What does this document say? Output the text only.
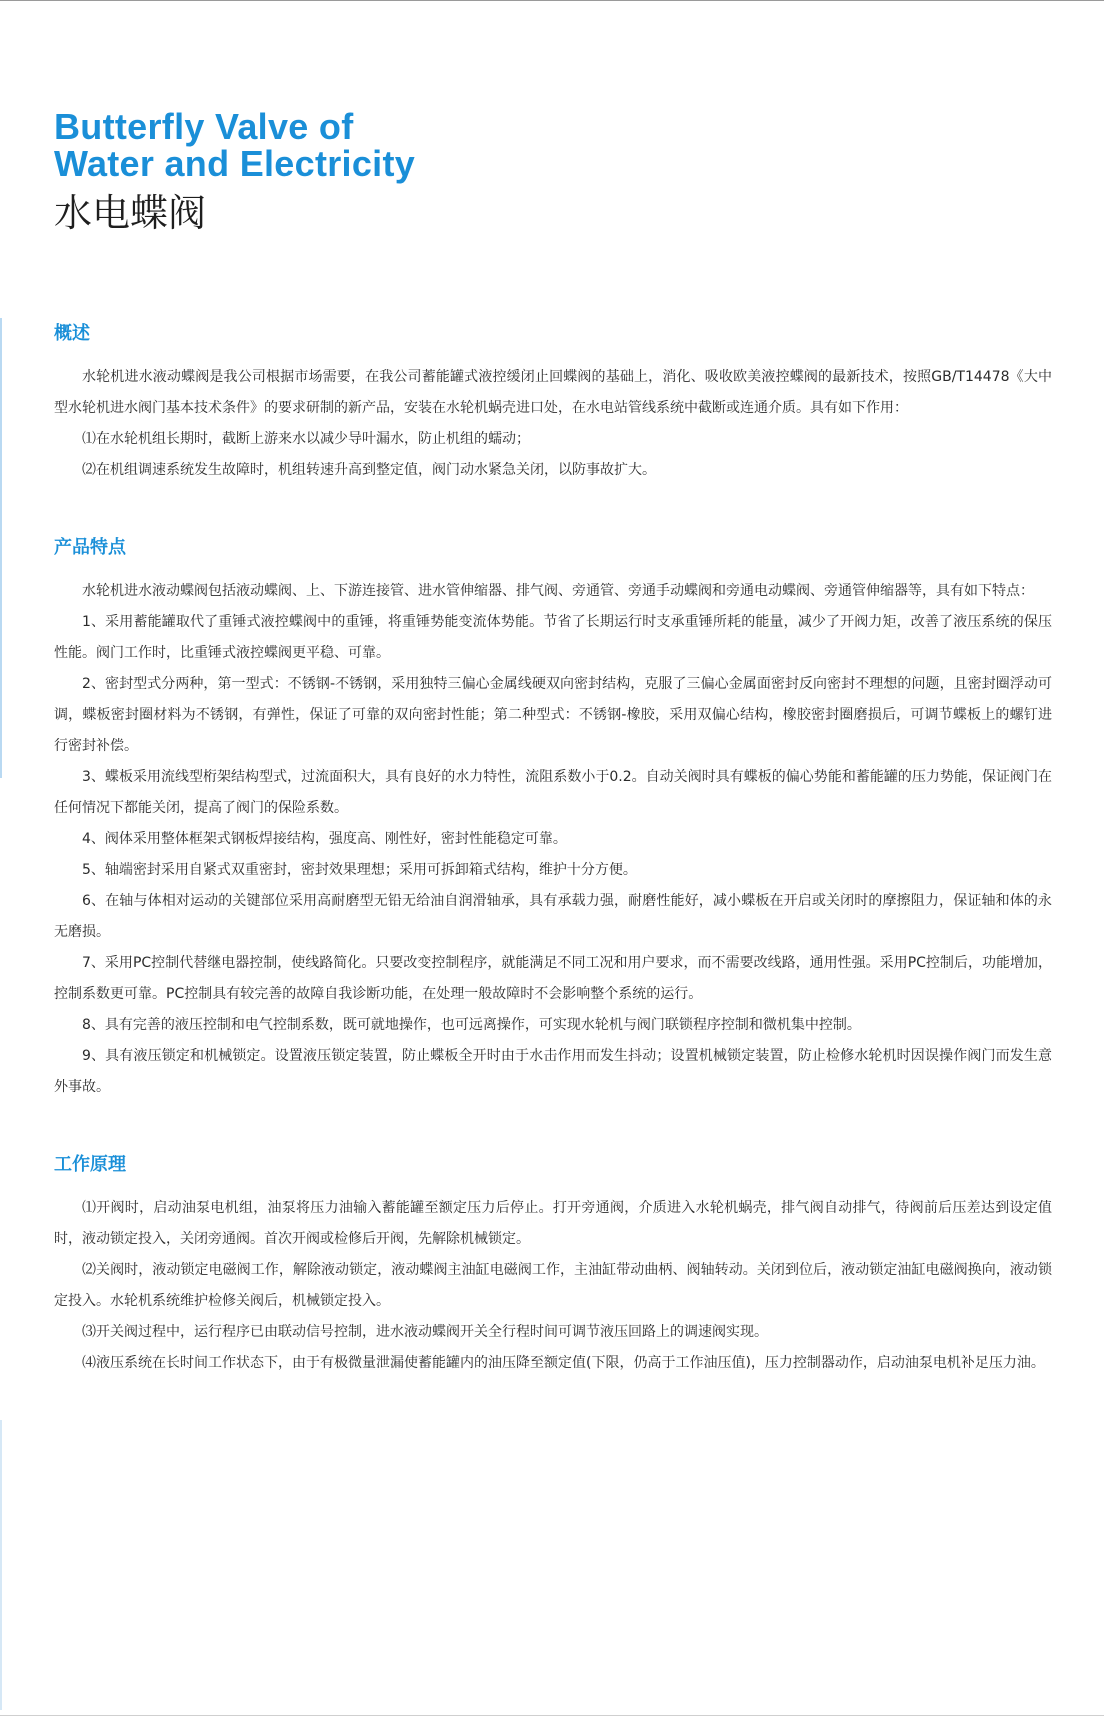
Butterfly Valve of
Water and Electricity
水电蝶阀
概述

水轮机进水液动蝶阀是我公司根据市场需要，在我公司蓄能罐式液控缓闭止回蝶阀的基础上，消化、吸收欧美液控蝶阀的最新技术，按照GB/T14478《大中型水轮机进水阀门基本技术条件》的要求研制的新产品，安装在水轮机蜗壳进口处，在水电站管线系统中截断或连通介质。具有如下作用：

⑴在水轮机组长期时，截断上游来水以减少导叶漏水，防止机组的蠕动；

⑵在机组调速系统发生故障时，机组转速升高到整定值，阀门动水紧急关闭，以防事故扩大。

产品特点

水轮机进水液动蝶阀包括液动蝶阀、上、下游连接管、进水管伸缩器、排气阀、旁通管、旁通手动蝶阀和旁通电动蝶阀、旁通管伸缩器等，具有如下特点：

1、采用蓄能罐取代了重锤式液控蝶阀中的重锤，将重锤势能变流体势能。节省了长期运行时支承重锤所耗的能量，减少了开阀力矩，改善了液压系统的保压性能。阀门工作时，比重锤式液控蝶阀更平稳、可靠。

2、密封型式分两种，第一型式：不锈钢-不锈钢，采用独特三偏心金属线硬双向密封结构，克服了三偏心金属面密封反向密封不理想的问题，且密封圈浮动可调，蝶板密封圈材料为不锈钢，有弹性，保证了可靠的双向密封性能；第二种型式：不锈钢-橡胶，采用双偏心结构，橡胶密封圈磨损后，可调节蝶板上的螺钉进行密封补偿。

3、蝶板采用流线型桁架结构型式，过流面积大，具有良好的水力特性，流阻系数小于0.2。自动关阀时具有蝶板的偏心势能和蓄能罐的压力势能，保证阀门在任何情况下都能关闭，提高了阀门的保险系数。

4、阀体采用整体框架式钢板焊接结构，强度高、刚性好，密封性能稳定可靠。

5、轴端密封采用自紧式双重密封，密封效果理想；采用可拆卸箱式结构，维护十分方便。

6、在轴与体相对运动的关键部位采用高耐磨型无铅无给油自润滑轴承，具有承载力强，耐磨性能好，减小蝶板在开启或关闭时的摩擦阻力，保证轴和体的永无磨损。

7、采用PC控制代替继电器控制，使线路简化。只要改变控制程序，就能满足不同工况和用户要求，而不需要改线路，通用性强。采用PC控制后，功能增加，控制系数更可靠。PC控制具有较完善的故障自我诊断功能，在处理一般故障时不会影响整个系统的运行。

8、具有完善的液压控制和电气控制系数，既可就地操作，也可远离操作，可实现水轮机与阀门联锁程序控制和微机集中控制。

9、具有液压锁定和机械锁定。设置液压锁定装置，防止蝶板全开时由于水击作用而发生抖动；设置机械锁定装置，防止检修水轮机时因误操作阀门而发生意外事故。

工作原理

⑴开阀时，启动油泵电机组，油泵将压力油输入蓄能罐至额定压力后停止。打开旁通阀，介质进入水轮机蜗壳，排气阀自动排气，待阀前后压差达到设定值时，液动锁定投入，关闭旁通阀。首次开阀或检修后开阀，先解除机械锁定。

⑵关阀时，液动锁定电磁阀工作，解除液动锁定，液动蝶阀主油缸电磁阀工作，主油缸带动曲柄、阀轴转动。关闭到位后，液动锁定油缸电磁阀换向，液动锁定投入。水轮机系统维护检修关阀后，机械锁定投入。

⑶开关阀过程中，运行程序已由联动信号控制，进水液动蝶阀开关全行程时间可调节液压回路上的调速阀实现。

⑷液压系统在长时间工作状态下，由于有极微量泄漏使蓄能罐内的油压降至额定值(下限，仍高于工作油压值)，压力控制器动作，启动油泵电机补足压力油。
